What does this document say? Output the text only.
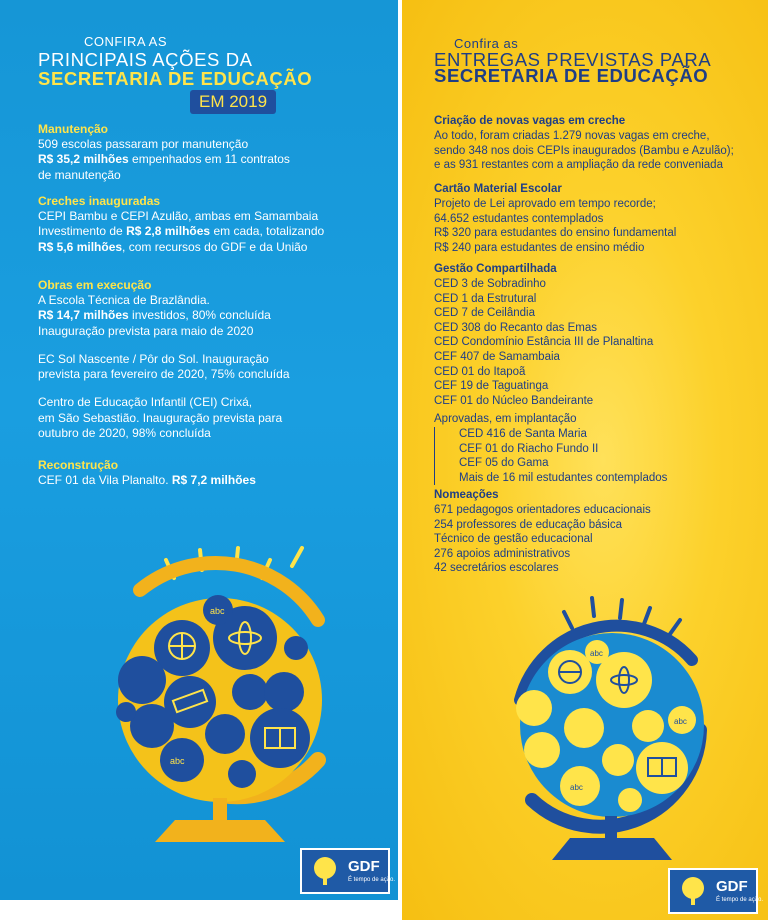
CONFIRA AS
PRINCIPAIS AÇÕES DA
SECRETARIA DE EDUCAÇÃO
EM 2019
Manutenção
509 escolas passaram por manutenção
R$ 35,2 milhões empenhados em 11 contratos
de manutenção
Creches inauguradas
CEPI Bambu e CEPI Azulão, ambas em Samambaia
Investimento de R$ 2,8 milhões em cada, totalizando
R$ 5,6 milhões, com recursos do GDF e da União
Obras em execução
A Escola Técnica de Brazlândia.
R$ 14,7 milhões investidos, 80% concluída
Inauguração prevista para maio de 2020
EC Sol Nascente / Pôr do Sol. Inauguração
prevista para fevereiro de 2020, 75% concluída
Centro de Educação Infantil (CEI) Crixá,
em São Sebastião. Inauguração prevista para
outubro de 2020, 98% concluída
Reconstrução
CEF 01 da Vila Planalto. R$ 7,2 milhões
abc
abc
GDF
É tempo de ação.
Confira as
ENTREGAS PREVISTAS PARA
SECRETARIA DE EDUCAÇÃO
Criação de novas vagas em creche
Ao todo, foram criadas 1.279 novas vagas em creche,
sendo 348 nos dois CEPIs inaugurados (Bambu e Azulão);
e as 931 restantes com a ampliação da rede conveniada
Cartão Material Escolar
Projeto de Lei aprovado em tempo recorde;
64.652 estudantes contemplados
R$ 320 para estudantes do ensino fundamental
R$ 240 para estudantes de ensino médio
Gestão Compartilhada
CED 3 de Sobradinho
CED 1 da Estrutural
CED 7 de Ceilândia
CED 308 do Recanto das Emas
CED Condomínio Estância III de Planaltina
CEF 407 de Samambaia
CED 01 do Itapoã
CEF 19 de Taguatinga
CEF 01 do Núcleo Bandeirante
Aprovadas, em implantação
CED 416 de Santa Maria
CEF 01 do Riacho Fundo II
CEF 05 do Gama
Mais de 16 mil estudantes contemplados
Nomeações
671 pedagogos orientadores educacionais
254 professores de educação básica
Técnico de gestão educacional
276 apoios administrativos
42 secretários escolares
abc
abc
abc
GDF
É tempo de ação.
